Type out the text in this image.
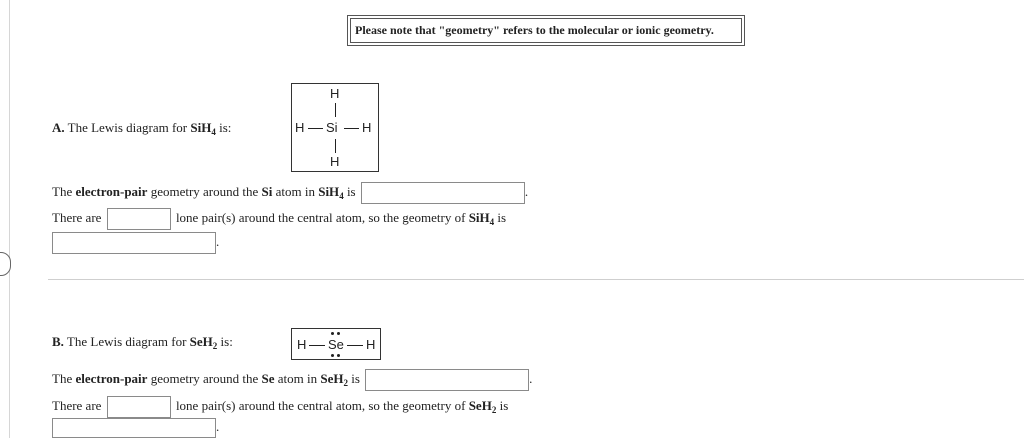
Please note that "geometry" refers to the molecular or ionic geometry.
A. The Lewis diagram for SiH$_4$ is:
H
H Si H
H
The electron-pair geometry around the Si atom in SiH$_4$ is	.
There are	lone pair(s) around the central atom, so the geometry of SiH$_4$ is
.
B. The Lewis diagram for SeH$_2$ is:	H Se H
The electron-pair geometry around the Se atom in SeH$_2$ is	.
There are	lone pair(s) around the central atom, so the geometry of SeH$_2$ is
.
